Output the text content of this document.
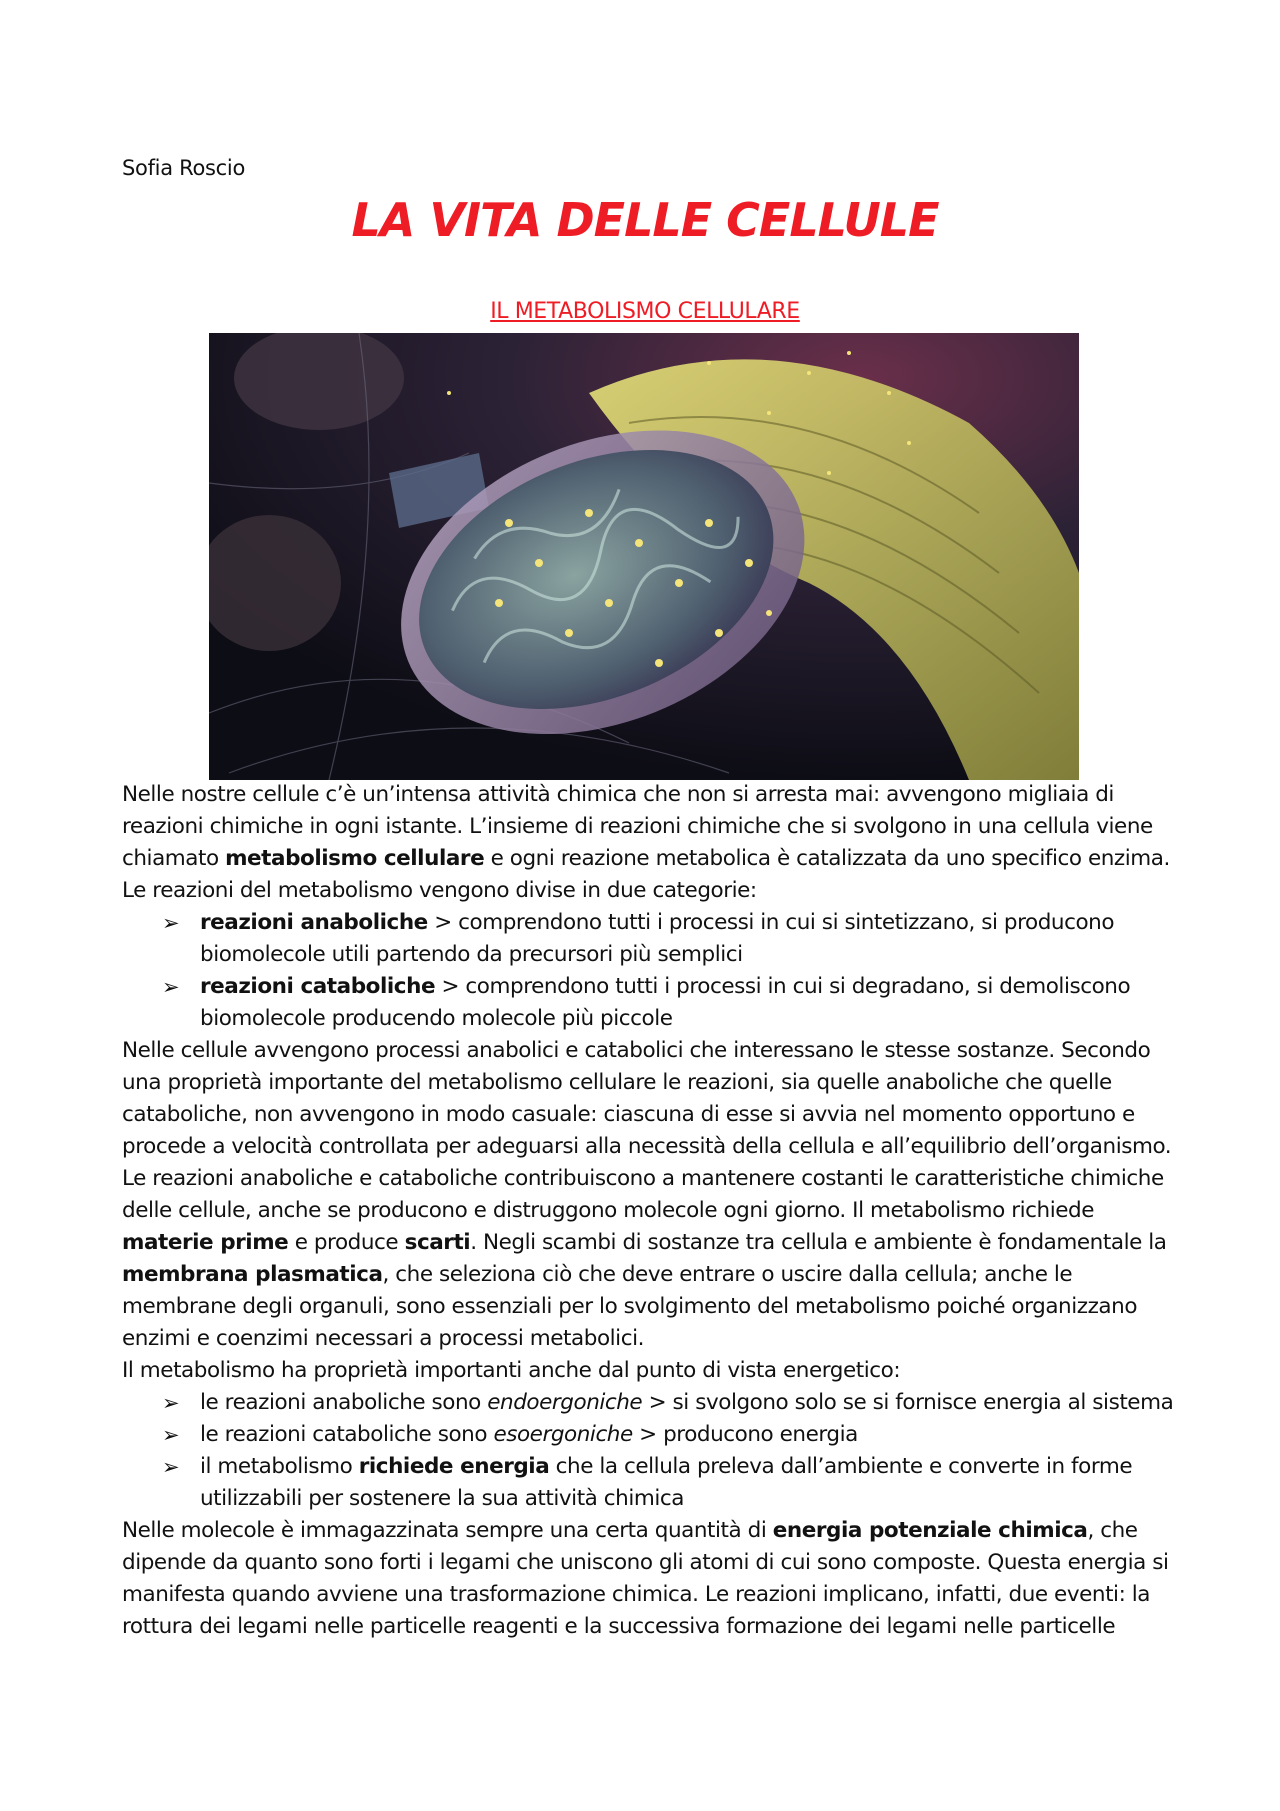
Sofia Roscio
LA VITA DELLE CELLULE
IL METABOLISMO CELLULARE

Nelle nostre cellule c’è un’intensa attività chimica che non si arresta mai: avvengono migliaia di reazioni chimiche in ogni istante. L’insieme di reazioni chimiche che si svolgono in una cellula viene chiamato metabolismo cellulare e ogni reazione metabolica è catalizzata da uno specifico enzima. Le reazioni del metabolismo vengono divise in due categorie:

➢ reazioni anaboliche > comprendono tutti i processi in cui si sintetizzano, si producono biomolecole utili partendo da precursori più semplici
➢ reazioni cataboliche > comprendono tutti i processi in cui si degradano, si demoliscono biomolecole producendo molecole più piccole

Nelle cellule avvengono processi anabolici e catabolici che interessano le stesse sostanze. Secondo una proprietà importante del metabolismo cellulare le reazioni, sia quelle anaboliche che quelle cataboliche, non avvengono in modo casuale: ciascuna di esse si avvia nel momento opportuno e procede a velocità controllata per adeguarsi alla necessità della cellula e all’equilibrio dell’organismo. Le reazioni anaboliche e cataboliche contribuiscono a mantenere costanti le caratteristiche chimiche delle cellule, anche se producono e distruggono molecole ogni giorno. Il metabolismo richiede materie prime e produce scarti. Negli scambi di sostanze tra cellula e ambiente è fondamentale la membrana plasmatica, che seleziona ciò che deve entrare o uscire dalla cellula; anche le membrane degli organuli, sono essenziali per lo svolgimento del metabolismo poiché organizzano enzimi e coenzimi necessari a processi metabolici.

Il metabolismo ha proprietà importanti anche dal punto di vista energetico:

➢ le reazioni anaboliche sono endoergoniche > si svolgono solo se si fornisce energia al sistema
➢ le reazioni cataboliche sono esoergoniche > producono energia
➢ il metabolismo richiede energia che la cellula preleva dall’ambiente e converte in forme utilizzabili per sostenere la sua attività chimica

Nelle molecole è immagazzinata sempre una certa quantità di energia potenziale chimica, che dipende da quanto sono forti i legami che uniscono gli atomi di cui sono composte. Questa energia si manifesta quando avviene una trasformazione chimica. Le reazioni implicano, infatti, due eventi: la rottura dei legami nelle particelle reagenti e la successiva formazione dei legami nelle particelle
